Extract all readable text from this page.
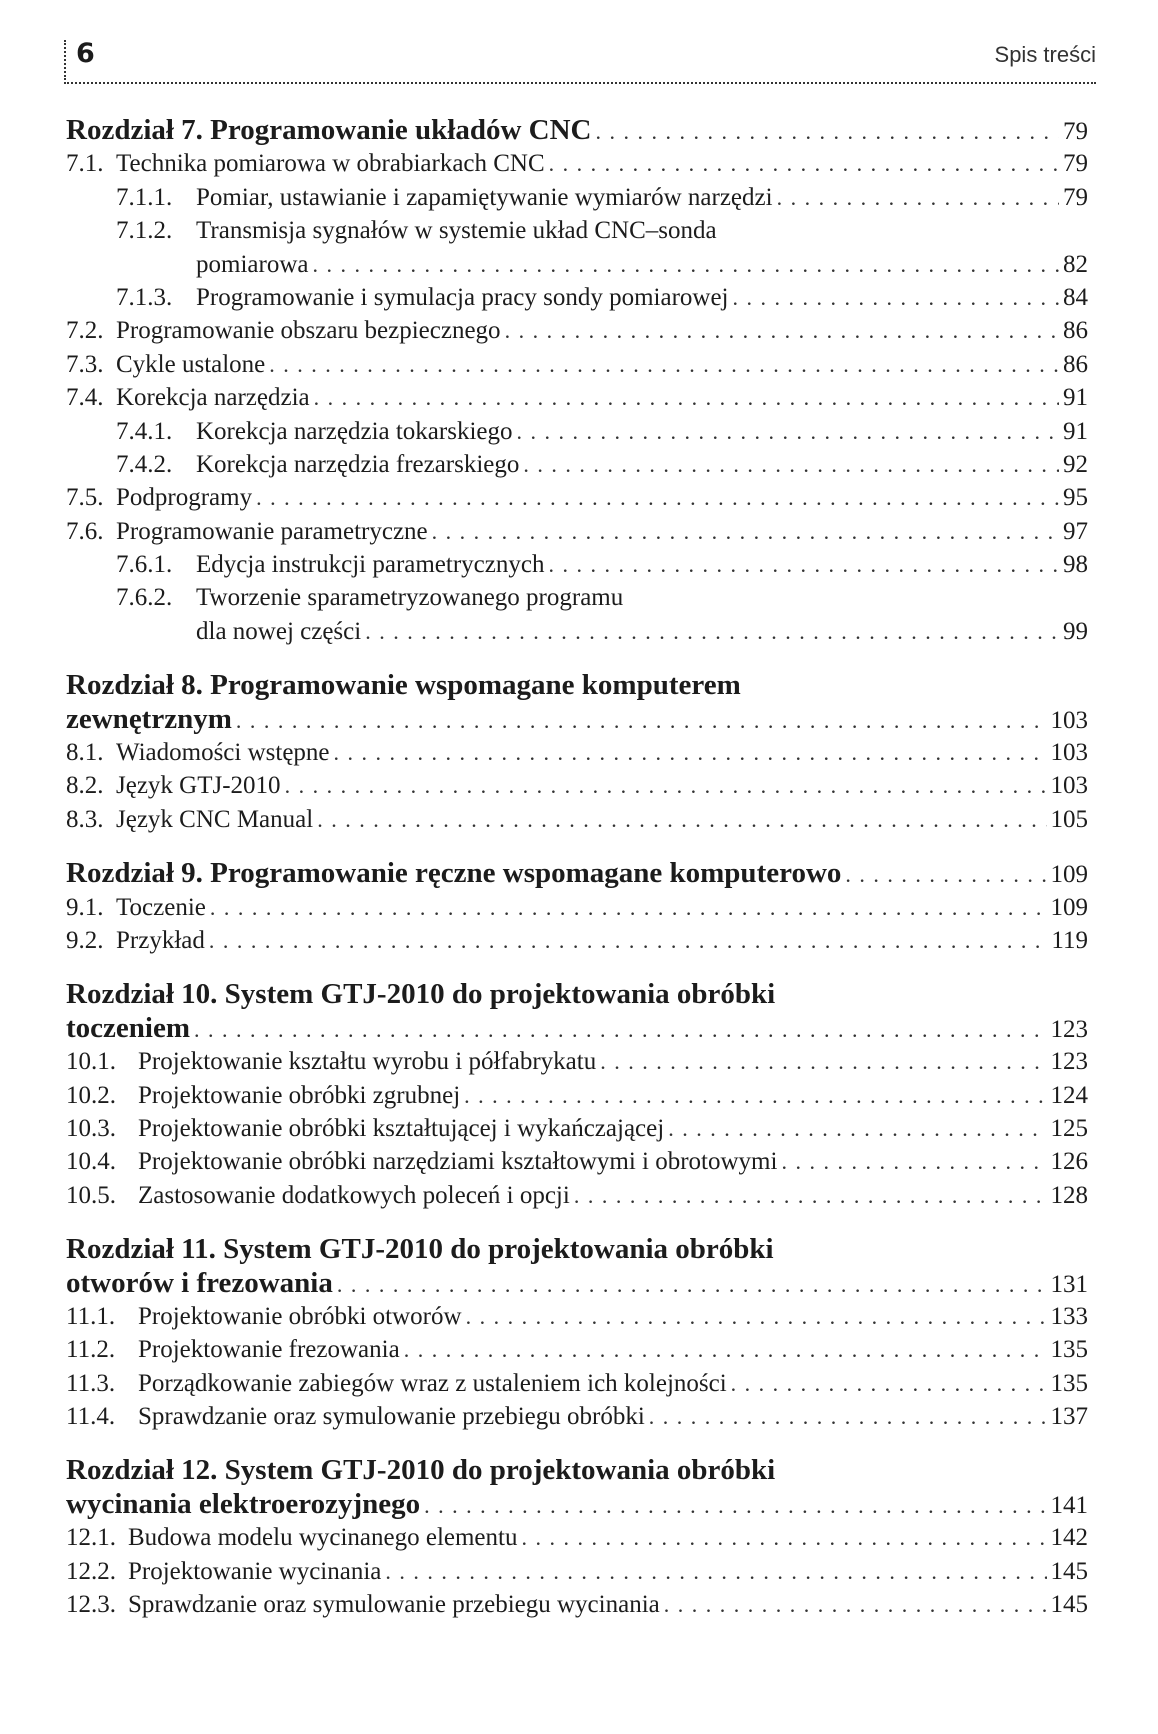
6	Spis treści
Rozdział 7. Programowanie układów CNC . . .	79
7.1. Technika pomiarowa w obrabiarkach CNC . . .	79
7.1.1. Pomiar, ustawianie i zapamiętywanie wymiarów narzędzi . . .	79
7.1.2. Transmisja sygnałów w systemie układ CNC–sonda
pomiarowa . . .	82
7.1.3. Programowanie i symulacja pracy sondy pomiarowej . . .	84
7.2. Programowanie obszaru bezpiecznego . . .	86
7.3. Cykle ustalone . . .	86
7.4. Korekcja narzędzia . . .	91
7.4.1. Korekcja narzędzia tokarskiego . . .	91
7.4.2. Korekcja narzędzia frezarskiego . . .	92
7.5. Podprogramy . . .	95
7.6. Programowanie parametryczne . . .	97
7.6.1. Edycja instrukcji parametrycznych . . .	98
7.6.2. Tworzenie sparametryzowanego programu
dla nowej części . . .	99
Rozdział 8. Programowanie wspomagane komputerem
zewnętrznym . . .	103
8.1. Wiadomości wstępne . . .	103
8.2. Język GTJ-2010 . . .	103
8.3. Język CNC Manual . . .	105
Rozdział 9. Programowanie ręczne wspomagane komputerowo . . .	109
9.1. Toczenie . . .	109
9.2. Przykład . . .	119
Rozdział 10. System GTJ-2010 do projektowania obróbki
toczeniem . . .	123
10.1. Projektowanie kształtu wyrobu i półfabrykatu . . .	123
10.2. Projektowanie obróbki zgrubnej . . .	124
10.3. Projektowanie obróbki kształtującej i wykańczającej . . .	125
10.4. Projektowanie obróbki narzędziami kształtowymi i obrotowymi . . .	126
10.5. Zastosowanie dodatkowych poleceń i opcji . . .	128
Rozdział 11. System GTJ-2010 do projektowania obróbki
otworów i frezowania . . .	131
11.1. Projektowanie obróbki otworów . . .	133
11.2. Projektowanie frezowania . . .	135
11.3. Porządkowanie zabiegów wraz z ustaleniem ich kolejności . . .	135
11.4. Sprawdzanie oraz symulowanie przebiegu obróbki . . .	137
Rozdział 12. System GTJ-2010 do projektowania obróbki
wycinania elektroerozyjnego . . .	141
12.1. Budowa modelu wycinanego elementu . . .	142
12.2. Projektowanie wycinania . . .	145
12.3. Sprawdzanie oraz symulowanie przebiegu wycinania . . .	145
